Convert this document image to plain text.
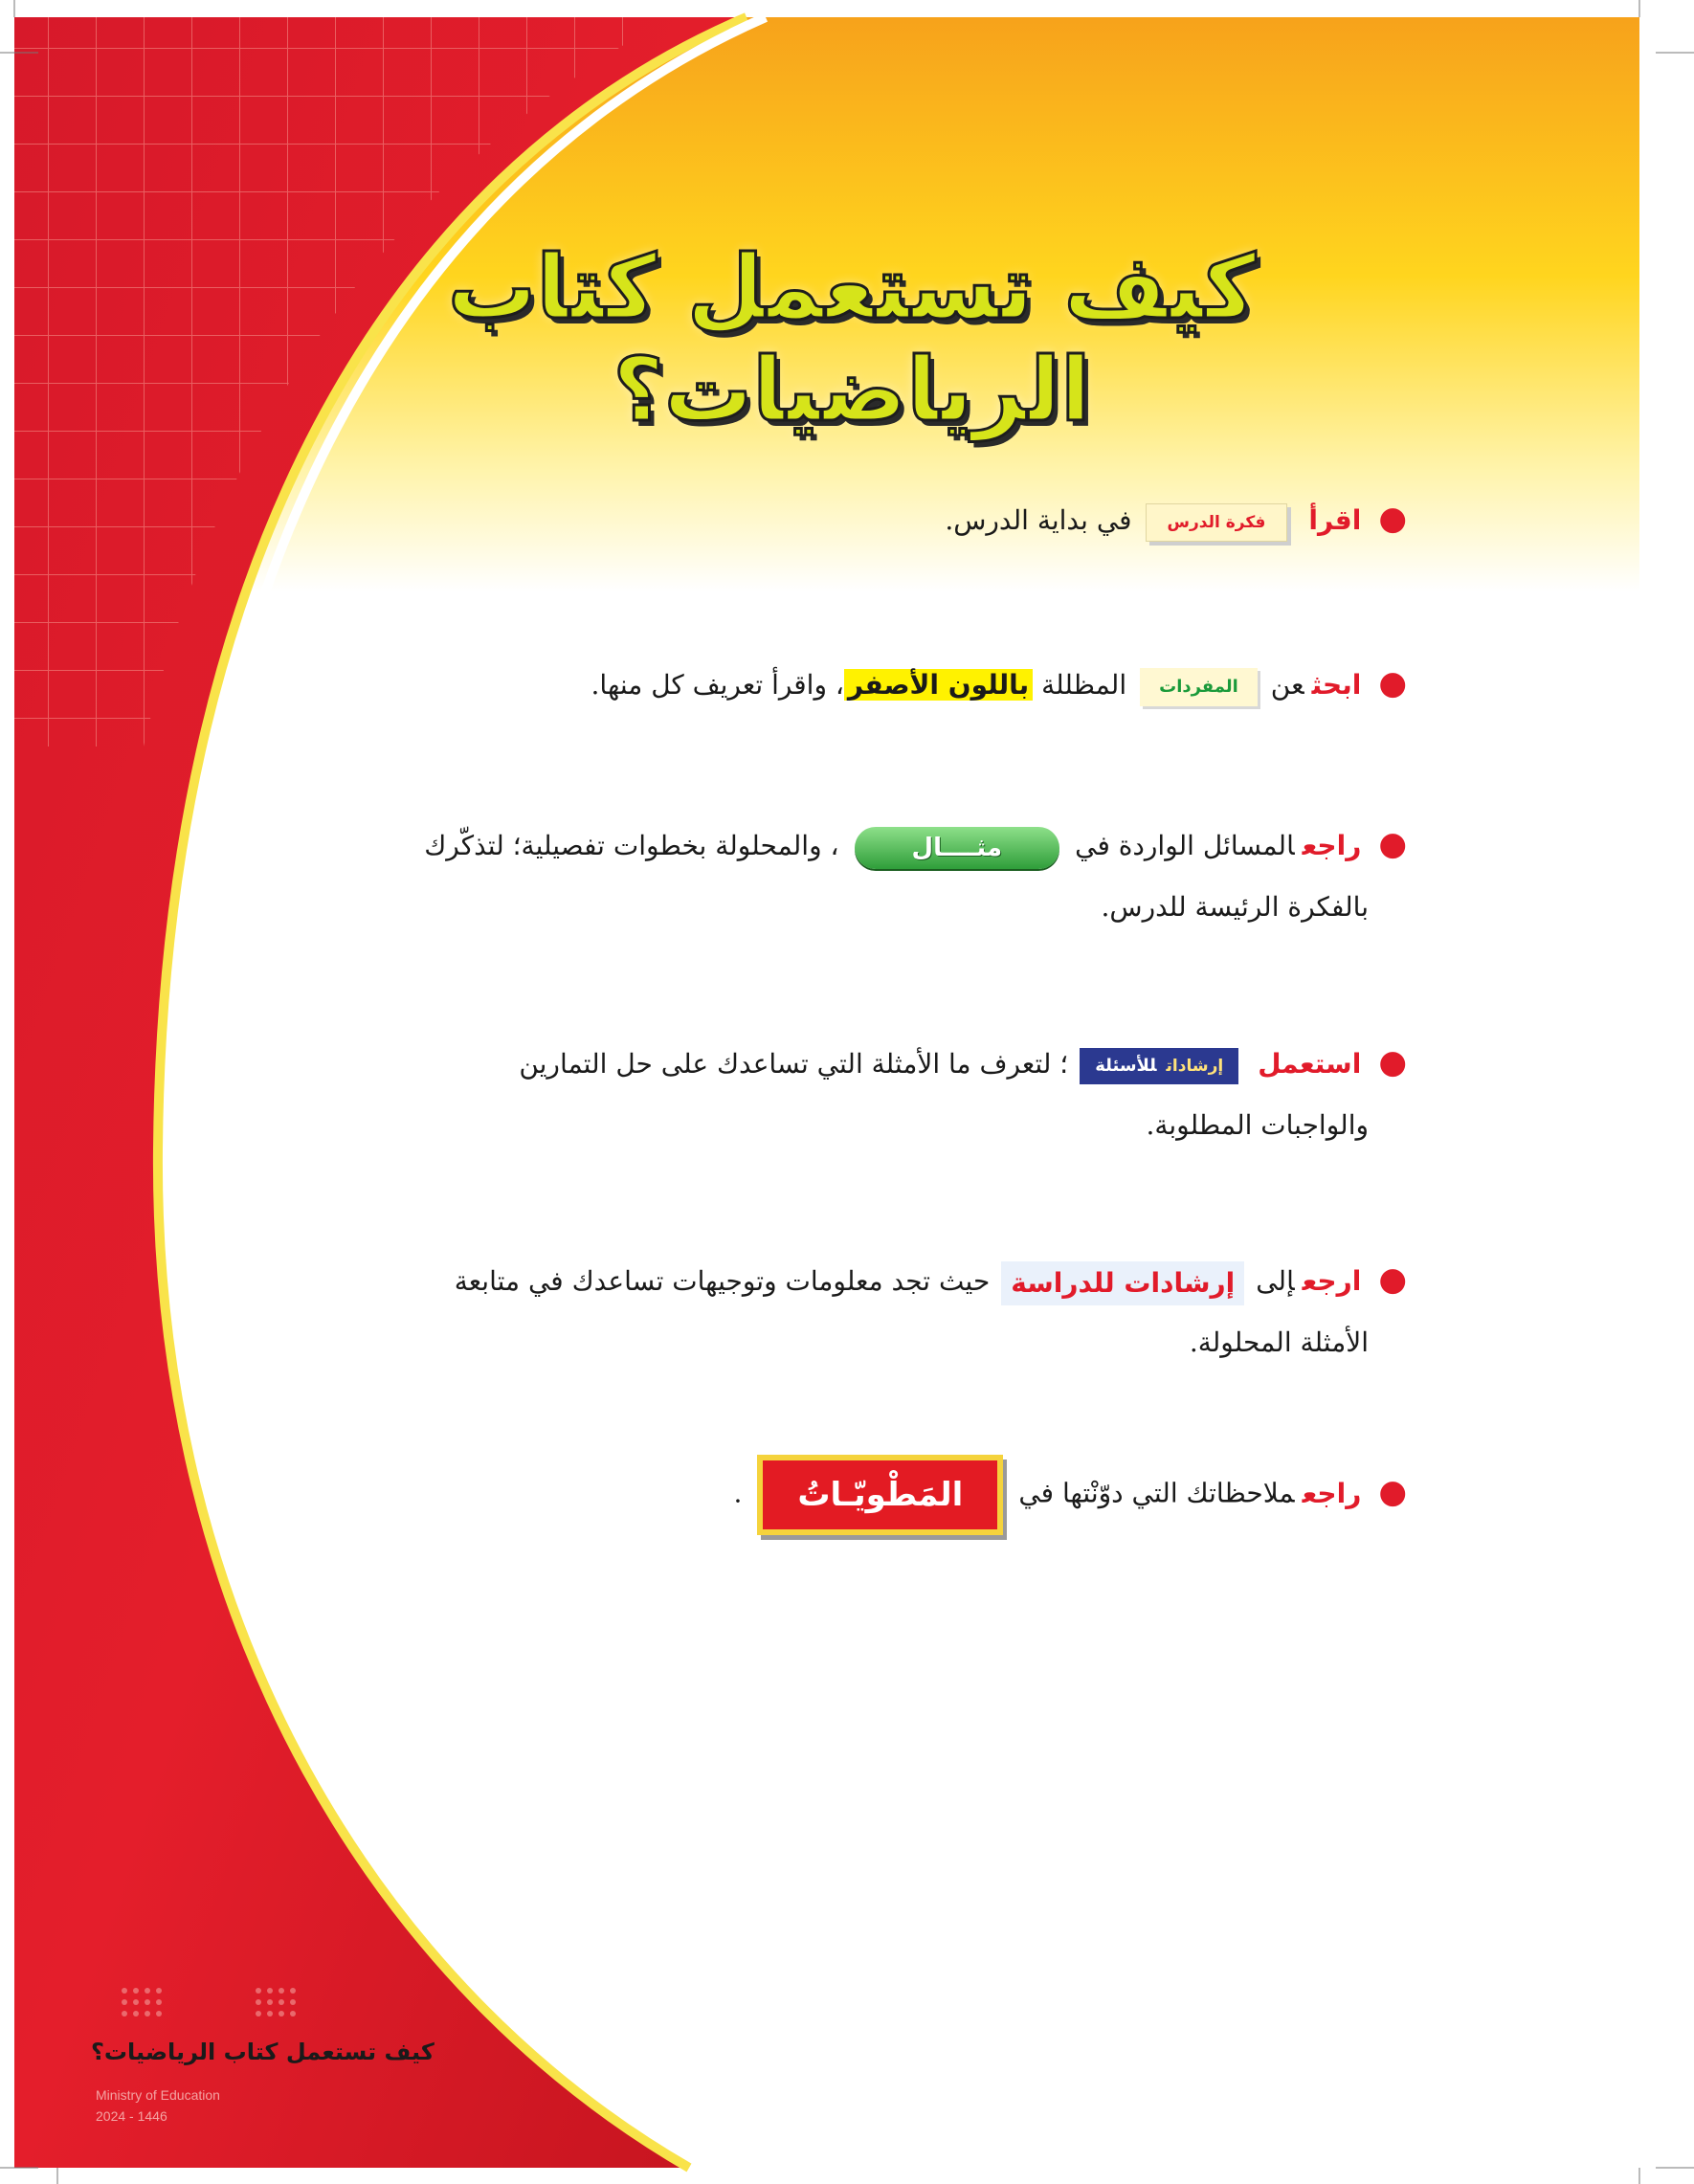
كيف تستعمل كتاب الرياضيات؟
●اقرأفكرة الدرسفي بداية الدرس.
●ابحثعنالمفرداتالمظللة باللون الأصفر، واقرأ تعريف كل منها.
●راجعالمسائل الواردة فيمثــــال، والمحلولة بخطوات تفصيلية؛ لتذكّرك
بالفكرة الرئيسة للدرس.
●استعملإرشاداتللأسئلة؛ لتعرف ما الأمثلة التي تساعدك على حل التمارين
والواجبات المطلوبة.
●ارجعإلىإرشادات للدراسةحيث تجد معلومات وتوجيهات تساعدك في متابعة
الأمثلة المحلولة.
●راجعملاحظاتك التي دوّنْتها فيالمَطْويّـاتُ.
كيف تستعمل كتاب الرياضيات؟
Ministry of Education
2024 - 1446
